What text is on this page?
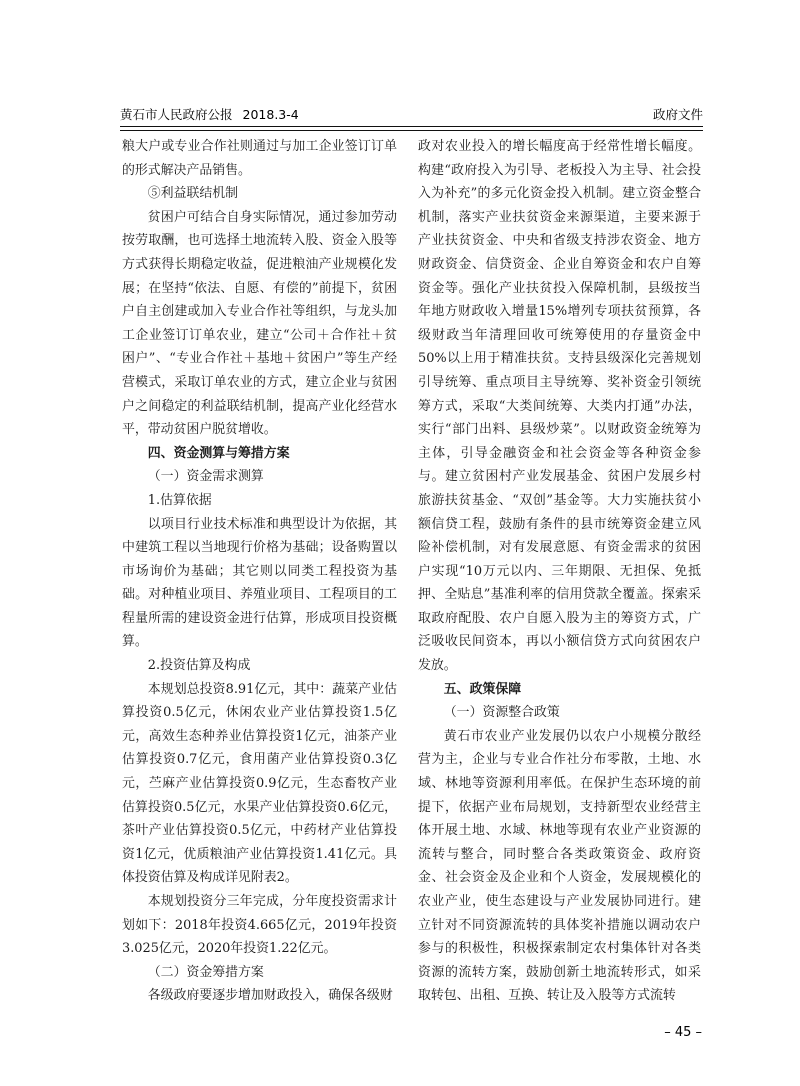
黄石市人民政府公报 2018.3-4	政府文件

粮大户或专业合作社则通过与加工企业签订订单的形式解决产品销售。

⑤利益联结机制

贫困户可结合自身实际情况，通过参加劳动按劳取酬，也可选择土地流转入股、资金入股等方式获得长期稳定收益，促进粮油产业规模化发展；在坚持“依法、自愿、有偿的”前提下，贫困户自主创建或加入专业合作社等组织，与龙头加工企业签订订单农业，建立“公司＋合作社＋贫困户”、“专业合作社＋基地＋贫困户”等生产经营模式，采取订单农业的方式，建立企业与贫困户之间稳定的利益联结机制，提高产业化经营水平，带动贫困户脱贫增收。

四、资金测算与筹措方案

（一）资金需求测算

1.估算依据

以项目行业技术标准和典型设计为依据，其中建筑工程以当地现行价格为基础；设备购置以市场询价为基础；其它则以同类工程投资为基础。对种植业项目、养殖业项目、工程项目的工程量所需的建设资金进行估算，形成项目投资概算。

2.投资估算及构成

本规划总投资8.91亿元，其中：蔬菜产业估算投资0.5亿元，休闲农业产业估算投资1.5亿元，高效生态种养业估算投资1亿元，油茶产业估算投资0.7亿元，食用菌产业估算投资0.3亿元，苎麻产业估算投资0.9亿元，生态畜牧产业估算投资0.5亿元，水果产业估算投资0.6亿元，茶叶产业估算投资0.5亿元，中药材产业估算投资1亿元，优质粮油产业估算投资1.41亿元。具体投资估算及构成详见附表2。

本规划投资分三年完成，分年度投资需求计划如下：2018年投资4.665亿元，2019年投资3.025亿元，2020年投资1.22亿元。

（二）资金筹措方案

各级政府要逐步增加财政投入，确保各级财

政对农业投入的增长幅度高于经常性增长幅度。构建“政府投入为引导、老板投入为主导、社会投入为补充”的多元化资金投入机制。建立资金整合机制，落实产业扶贫资金来源渠道，主要来源于产业扶贫资金、中央和省级支持涉农资金、地方财政资金、信贷资金、企业自筹资金和农户自筹资金等。强化产业扶贫投入保障机制，县级按当年地方财政收入增量15%增列专项扶贫预算，各级财政当年清理回收可统筹使用的存量资金中50%以上用于精准扶贫。支持县级深化完善规划引导统筹、重点项目主导统筹、奖补资金引领统筹方式，采取“大类间统筹、大类内打通”办法，实行“部门出料、县级炒菜”。以财政资金统筹为主体，引导金融资金和社会资金等各种资金参与。建立贫困村产业发展基金、贫困户发展乡村旅游扶贫基金、“双创”基金等。大力实施扶贫小额信贷工程，鼓励有条件的县市统筹资金建立风险补偿机制，对有发展意愿、有资金需求的贫困户实现“10万元以内、三年期限、无担保、免抵押、全贴息”基准利率的信用贷款全覆盖。探索采取政府配股、农户自愿入股为主的筹资方式，广泛吸收民间资本，再以小额信贷方式向贫困农户发放。

五、政策保障

（一）资源整合政策

黄石市农业产业发展仍以农户小规模分散经营为主，企业与专业合作社分布零散，土地、水域、林地等资源利用率低。在保护生态环境的前提下，依据产业布局规划，支持新型农业经营主体开展土地、水域、林地等现有农业产业资源的流转与整合，同时整合各类政策资金、政府资金、社会资金及企业和个人资金，发展规模化的农业产业，使生态建设与产业发展协同进行。建立针对不同资源流转的具体奖补措施以调动农户参与的积极性，积极探索制定农村集体针对各类资源的流转方案，鼓励创新土地流转形式，如采取转包、出租、互换、转让及入股等方式流转

– 45 –
